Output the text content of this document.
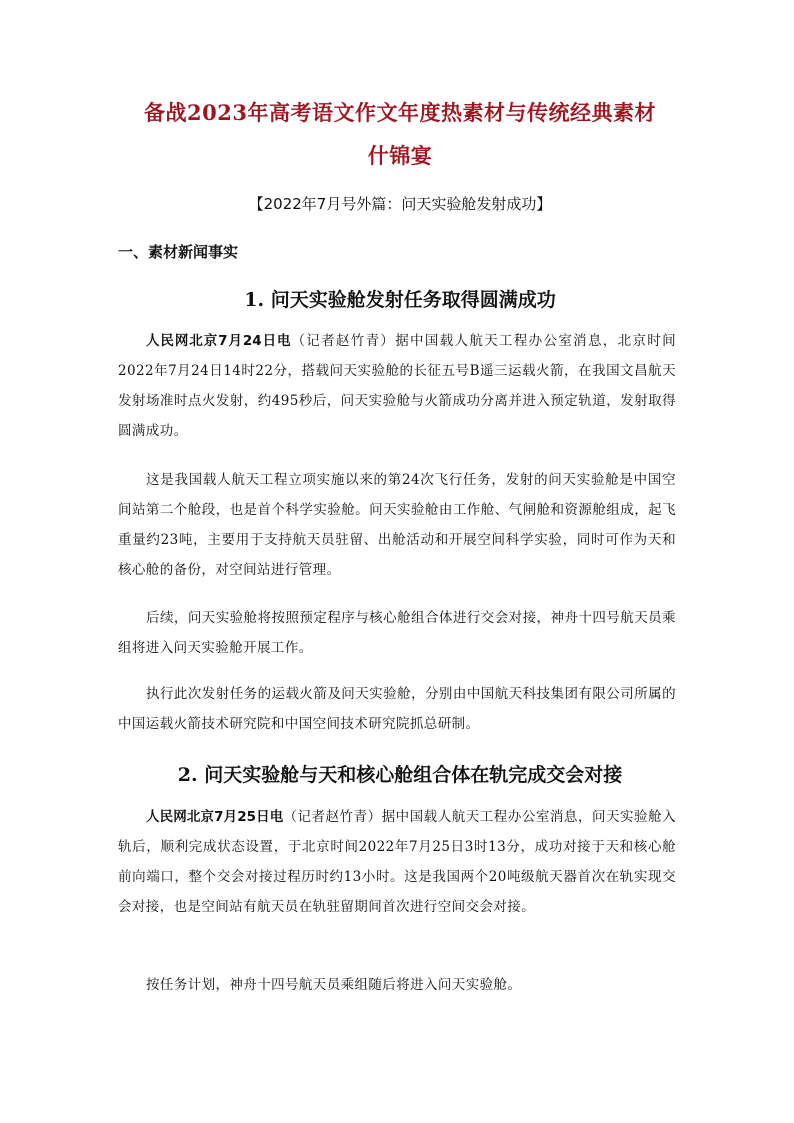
备战2023年高考语文作文年度热素材与传统经典素材
什锦宴
【2022年7月号外篇：问天实验舱发射成功】
一、素材新闻事实
1. 问天实验舱发射任务取得圆满成功
人民网北京7月24日电（记者赵竹青）据中国载人航天工程办公室消息，北京时间2022年7月24日14时22分，搭载问天实验舱的长征五号B遥三运载火箭，在我国文昌航天发射场准时点火发射，约495秒后，问天实验舱与火箭成功分离并进入预定轨道，发射取得圆满成功。
这是我国载人航天工程立项实施以来的第24次飞行任务，发射的问天实验舱是中国空间站第二个舱段，也是首个科学实验舱。问天实验舱由工作舱、气闸舱和资源舱组成，起飞重量约23吨，主要用于支持航天员驻留、出舱活动和开展空间科学实验，同时可作为天和核心舱的备份，对空间站进行管理。
后续，问天实验舱将按照预定程序与核心舱组合体进行交会对接，神舟十四号航天员乘组将进入问天实验舱开展工作。
执行此次发射任务的运载火箭及问天实验舱，分别由中国航天科技集团有限公司所属的中国运载火箭技术研究院和中国空间技术研究院抓总研制。
2. 问天实验舱与天和核心舱组合体在轨完成交会对接
人民网北京7月25日电（记者赵竹青）据中国载人航天工程办公室消息，问天实验舱入轨后，顺利完成状态设置，于北京时间2022年7月25日3时13分，成功对接于天和核心舱前向端口，整个交会对接过程历时约13小时。这是我国两个20吨级航天器首次在轨实现交会对接，也是空间站有航天员在轨驻留期间首次进行空间交会对接。
按任务计划，神舟十四号航天员乘组随后将进入问天实验舱。
